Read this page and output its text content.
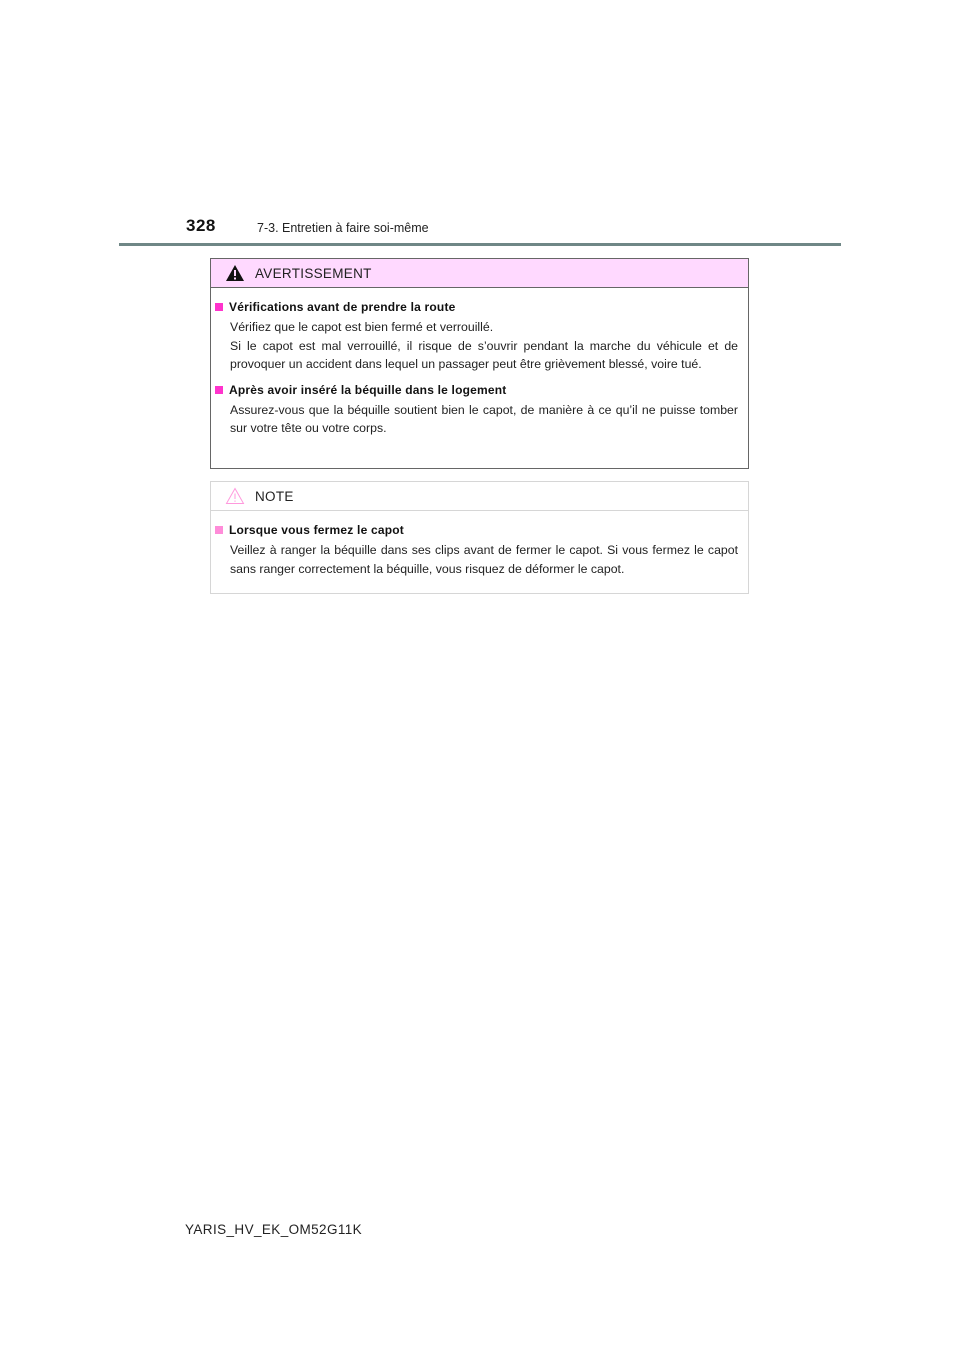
328	7-3. Entretien à faire soi-même
AVERTISSEMENT
Vérifications avant de prendre la route
Vérifiez que le capot est bien fermé et verrouillé.
Si le capot est mal verrouillé, il risque de s’ouvrir pendant la marche du véhicule et de provoquer un accident dans lequel un passager peut être grièvement blessé, voire tué.
Après avoir inséré la béquille dans le logement
Assurez-vous que la béquille soutient bien le capot, de manière à ce qu’il ne puisse tomber sur votre tête ou votre corps.
NOTE
Lorsque vous fermez le capot
Veillez à ranger la béquille dans ses clips avant de fermer le capot. Si vous fermez le capot sans ranger correctement la béquille, vous risquez de déformer le capot.
YARIS_HV_EK_OM52G11K
